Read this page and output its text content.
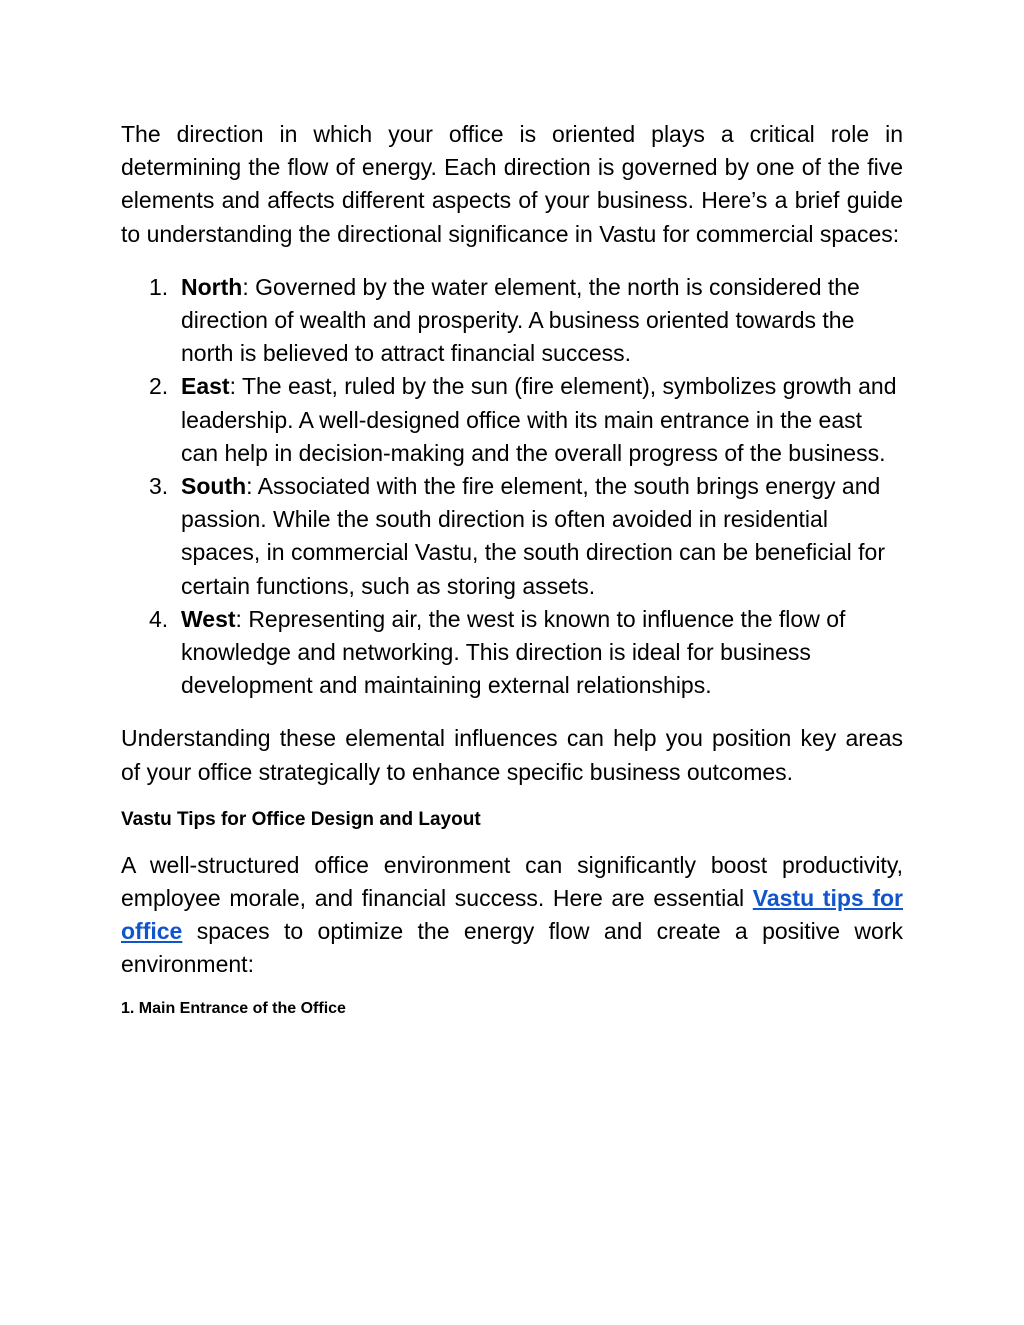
The direction in which your office is oriented plays a critical role in determining the flow of energy. Each direction is governed by one of the five elements and affects different aspects of your business. Here’s a brief guide to understanding the directional significance in Vastu for commercial spaces:

1. North: Governed by the water element, the north is considered the direction of wealth and prosperity. A business oriented towards the north is believed to attract financial success.
2. East: The east, ruled by the sun (fire element), symbolizes growth and leadership. A well-designed office with its main entrance in the east can help in decision-making and the overall progress of the business.
3. South: Associated with the fire element, the south brings energy and passion. While the south direction is often avoided in residential spaces, in commercial Vastu, the south direction can be beneficial for certain functions, such as storing assets.
4. West: Representing air, the west is known to influence the flow of knowledge and networking. This direction is ideal for business development and maintaining external relationships.

Understanding these elemental influences can help you position key areas of your office strategically to enhance specific business outcomes.

Vastu Tips for Office Design and Layout

A well-structured office environment can significantly boost productivity, employee morale, and financial success. Here are essential Vastu tips for office spaces to optimize the energy flow and create a positive work environment:

1. Main Entrance of the Office
